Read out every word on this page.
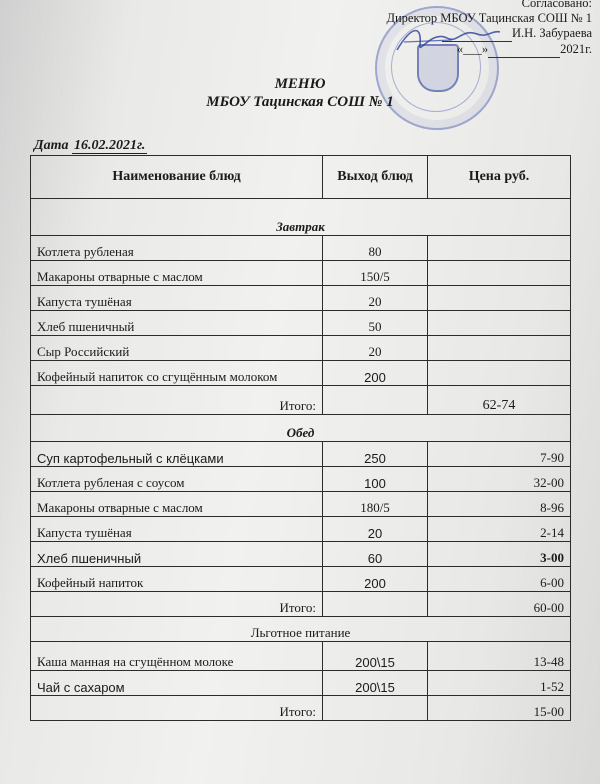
Согласовано:
Директор МБОУ Тацинская СОШ № 1
И.Н. Забураева
«___»	2021г.
МЕНЮ
МБОУ Тацинская СОШ № 1
Дата 16.02.2021г.
Наименование блюд	Выход блюд	Цена руб.
Завтрак		
Котлета рубленая	80	
Макароны отварные с маслом	150/5	
Капуста тушёная	20	
Хлеб пшеничный	50	
Сыр Российский	20	
Кофейный напиток со сгущённым молоком	200	
Итого:		62-74
Обед		
Суп картофельный с клёцками	250	7-90
Котлета рубленая с соусом	100	32-00
Макароны отварные с маслом	180/5	8-96
Капуста тушёная	20	2-14
Хлеб пшеничный	60	3-00
Кофейный напиток	200	6-00
Итого:		60-00
Льготное питание		
Каша манная на сгущённом молоке	200\15	13-48
Чай с сахаром	200\15	1-52
Итого:		15-00
